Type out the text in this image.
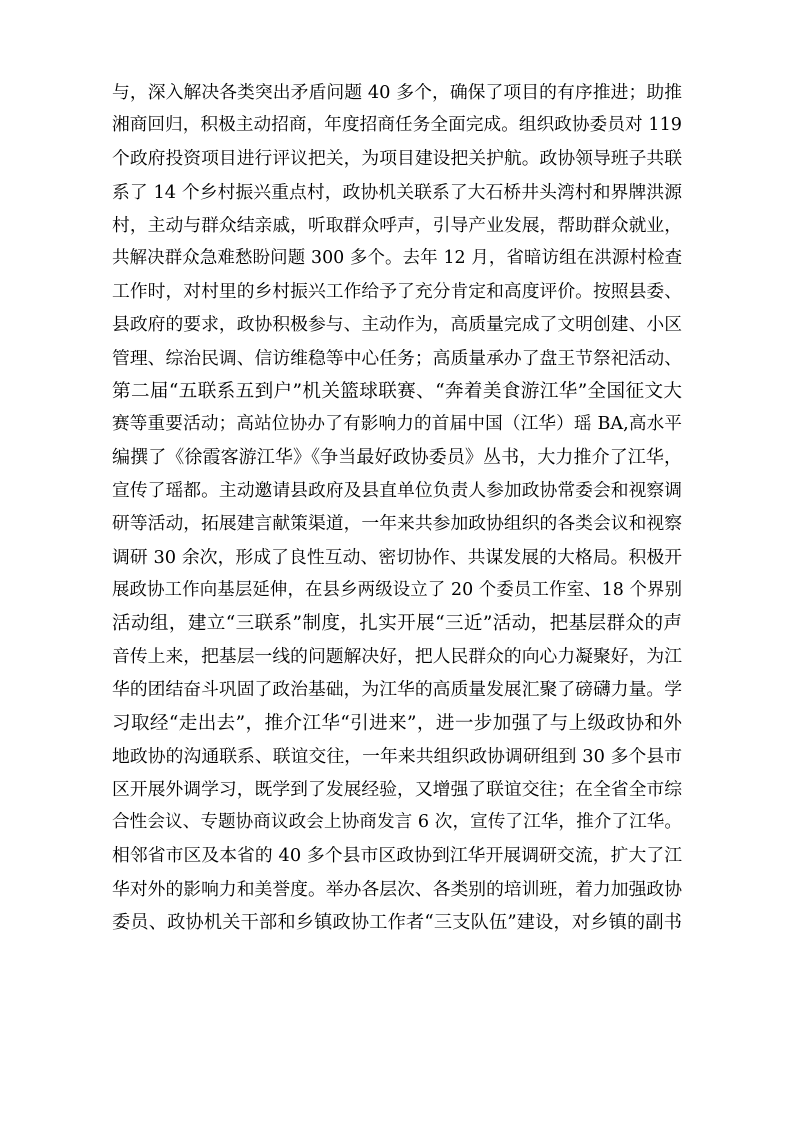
与，深入解决各类突出矛盾问题 40 多个，确保了项目的有序推进；助推
湘商回归，积极主动招商，年度招商任务全面完成。组织政协委员对 119
个政府投资项目进行评议把关，为项目建设把关护航。政协领导班子共联
系了 14 个乡村振兴重点村，政协机关联系了大石桥井头湾村和界牌洪源
村，主动与群众结亲戚，听取群众呼声，引导产业发展，帮助群众就业，
共解决群众急难愁盼问题 300 多个。去年 12 月，省暗访组在洪源村检查
工作时，对村里的乡村振兴工作给予了充分肯定和高度评价。按照县委、
县政府的要求，政协积极参与、主动作为，高质量完成了文明创建、小区
管理、综治民调、信访维稳等中心任务；高质量承办了盘王节祭祀活动、
第二届“五联系五到户”机关篮球联赛、“奔着美食游江华”全国征文大
赛等重要活动；高站位协办了有影响力的首届中国（江华）瑶 BA,高水平
编撰了《徐霞客游江华》《争当最好政协委员》丛书，大力推介了江华，
宣传了瑶都。主动邀请县政府及县直单位负责人参加政协常委会和视察调
研等活动，拓展建言献策渠道，一年来共参加政协组织的各类会议和视察
调研 30 余次，形成了良性互动、密切协作、共谋发展的大格局。积极开
展政协工作向基层延伸，在县乡两级设立了 20 个委员工作室、18 个界别
活动组，建立“三联系”制度，扎实开展“三近”活动，把基层群众的声
音传上来，把基层一线的问题解决好，把人民群众的向心力凝聚好，为江
华的团结奋斗巩固了政治基础，为江华的高质量发展汇聚了磅礴力量。学
习取经“走出去”，推介江华“引进来”，进一步加强了与上级政协和外
地政协的沟通联系、联谊交往，一年来共组织政协调研组到 30 多个县市
区开展外调学习，既学到了发展经验，又增强了联谊交往；在全省全市综
合性会议、专题协商议政会上协商发言 6 次，宣传了江华，推介了江华。
相邻省市区及本省的 40 多个县市区政协到江华开展调研交流，扩大了江
华对外的影响力和美誉度。举办各层次、各类别的培训班，着力加强政协
委员、政协机关干部和乡镇政协工作者“三支队伍”建设，对乡镇的副书
